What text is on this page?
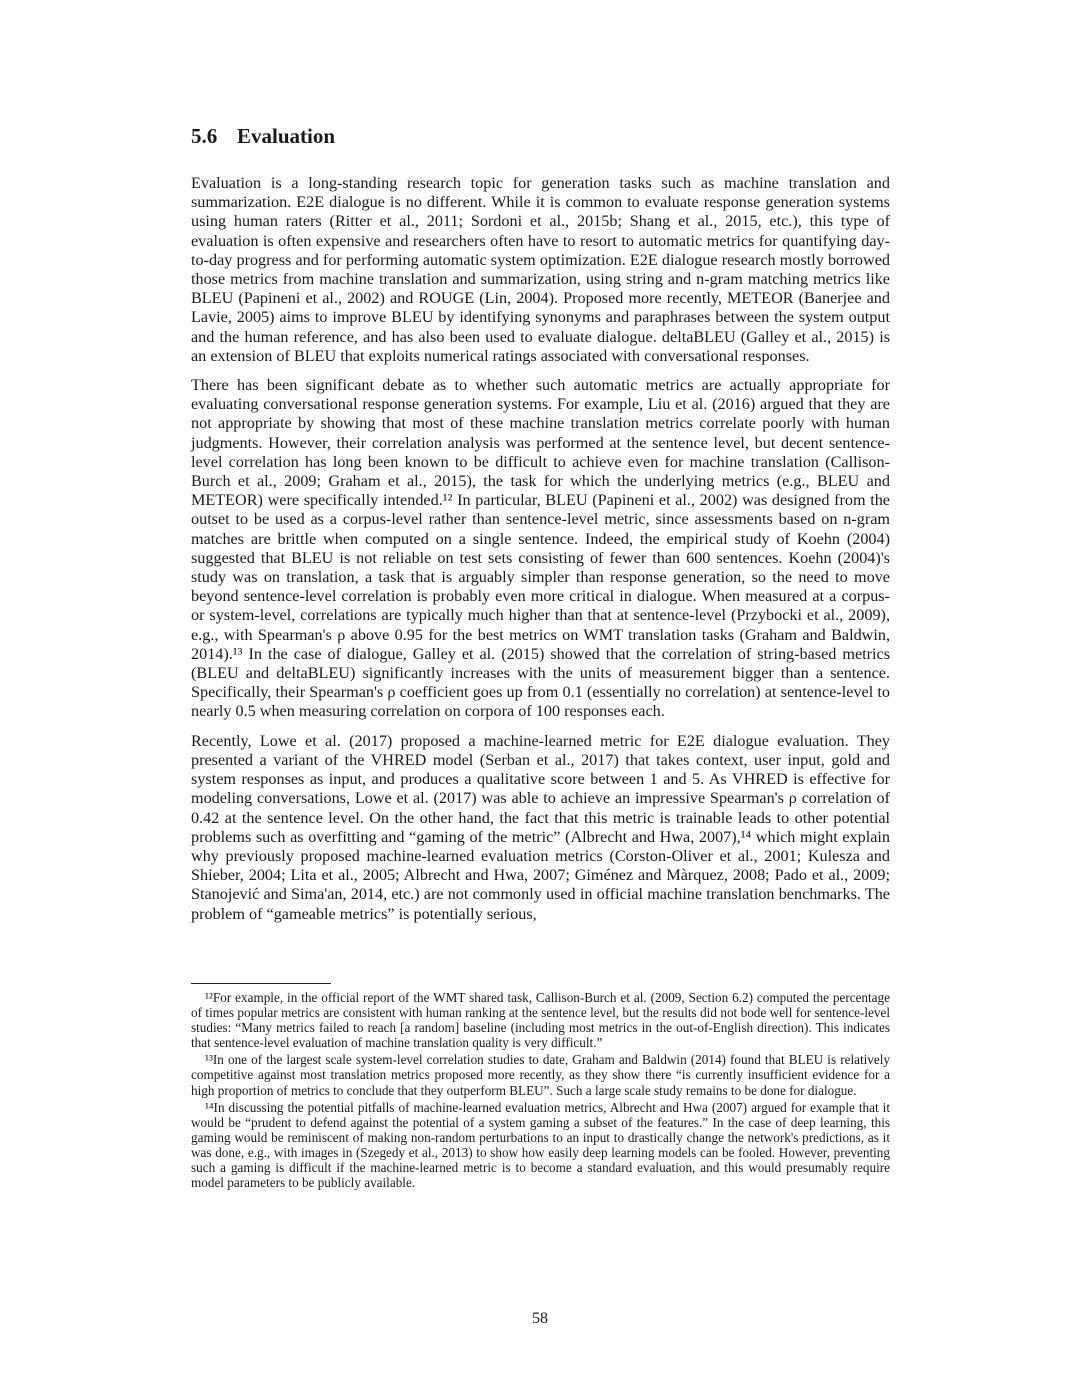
5.6 Evaluation

Evaluation is a long-standing research topic for generation tasks such as machine translation and summarization. E2E dialogue is no different. While it is common to evaluate response generation systems using human raters (Ritter et al., 2011; Sordoni et al., 2015b; Shang et al., 2015, etc.), this type of evaluation is often expensive and researchers often have to resort to automatic metrics for quantifying day-to-day progress and for performing automatic system optimization. E2E dialogue research mostly borrowed those metrics from machine translation and summarization, using string and n-gram matching metrics like BLEU (Papineni et al., 2002) and ROUGE (Lin, 2004). Proposed more recently, METEOR (Banerjee and Lavie, 2005) aims to improve BLEU by identifying synonyms and paraphrases between the system output and the human reference, and has also been used to evaluate dialogue. deltaBLEU (Galley et al., 2015) is an extension of BLEU that exploits numerical ratings associated with conversational responses.

There has been significant debate as to whether such automatic metrics are actually appropriate for evaluating conversational response generation systems. For example, Liu et al. (2016) argued that they are not appropriate by showing that most of these machine translation metrics correlate poorly with human judgments. However, their correlation analysis was performed at the sentence level, but decent sentence-level correlation has long been known to be difficult to achieve even for machine translation (Callison-Burch et al., 2009; Graham et al., 2015), the task for which the underlying metrics (e.g., BLEU and METEOR) were specifically intended.¹² In particular, BLEU (Papineni et al., 2002) was designed from the outset to be used as a corpus-level rather than sentence-level metric, since assessments based on n-gram matches are brittle when computed on a single sentence. Indeed, the empirical study of Koehn (2004) suggested that BLEU is not reliable on test sets consisting of fewer than 600 sentences. Koehn (2004)'s study was on translation, a task that is arguably simpler than response generation, so the need to move beyond sentence-level correlation is probably even more critical in dialogue. When measured at a corpus- or system-level, correlations are typically much higher than that at sentence-level (Przybocki et al., 2009), e.g., with Spearman's ρ above 0.95 for the best metrics on WMT translation tasks (Graham and Baldwin, 2014).¹³ In the case of dialogue, Galley et al. (2015) showed that the correlation of string-based metrics (BLEU and deltaBLEU) significantly increases with the units of measurement bigger than a sentence. Specifically, their Spearman's ρ coefficient goes up from 0.1 (essentially no correlation) at sentence-level to nearly 0.5 when measuring correlation on corpora of 100 responses each.

Recently, Lowe et al. (2017) proposed a machine-learned metric for E2E dialogue evaluation. They presented a variant of the VHRED model (Serban et al., 2017) that takes context, user input, gold and system responses as input, and produces a qualitative score between 1 and 5. As VHRED is effective for modeling conversations, Lowe et al. (2017) was able to achieve an impressive Spearman's ρ correlation of 0.42 at the sentence level. On the other hand, the fact that this metric is trainable leads to other potential problems such as overfitting and “gaming of the metric” (Albrecht and Hwa, 2007),¹⁴ which might explain why previously proposed machine-learned evaluation metrics (Corston-Oliver et al., 2001; Kulesza and Shieber, 2004; Lita et al., 2005; Albrecht and Hwa, 2007; Giménez and Màrquez, 2008; Pado et al., 2009; Stanojević and Sima'an, 2014, etc.) are not commonly used in official machine translation benchmarks. The problem of “gameable metrics” is potentially serious,

¹²For example, in the official report of the WMT shared task, Callison-Burch et al. (2009, Section 6.2) computed the percentage of times popular metrics are consistent with human ranking at the sentence level, but the results did not bode well for sentence-level studies: “Many metrics failed to reach [a random] baseline (including most metrics in the out-of-English direction). This indicates that sentence-level evaluation of machine translation quality is very difficult.”

¹³In one of the largest scale system-level correlation studies to date, Graham and Baldwin (2014) found that BLEU is relatively competitive against most translation metrics proposed more recently, as they show there “is currently insufficient evidence for a high proportion of metrics to conclude that they outperform BLEU”. Such a large scale study remains to be done for dialogue.

¹⁴In discussing the potential pitfalls of machine-learned evaluation metrics, Albrecht and Hwa (2007) argued for example that it would be “prudent to defend against the potential of a system gaming a subset of the features.” In the case of deep learning, this gaming would be reminiscent of making non-random perturbations to an input to drastically change the network's predictions, as it was done, e.g., with images in (Szegedy et al., 2013) to show how easily deep learning models can be fooled. However, preventing such a gaming is difficult if the machine-learned metric is to become a standard evaluation, and this would presumably require model parameters to be publicly available.

58
